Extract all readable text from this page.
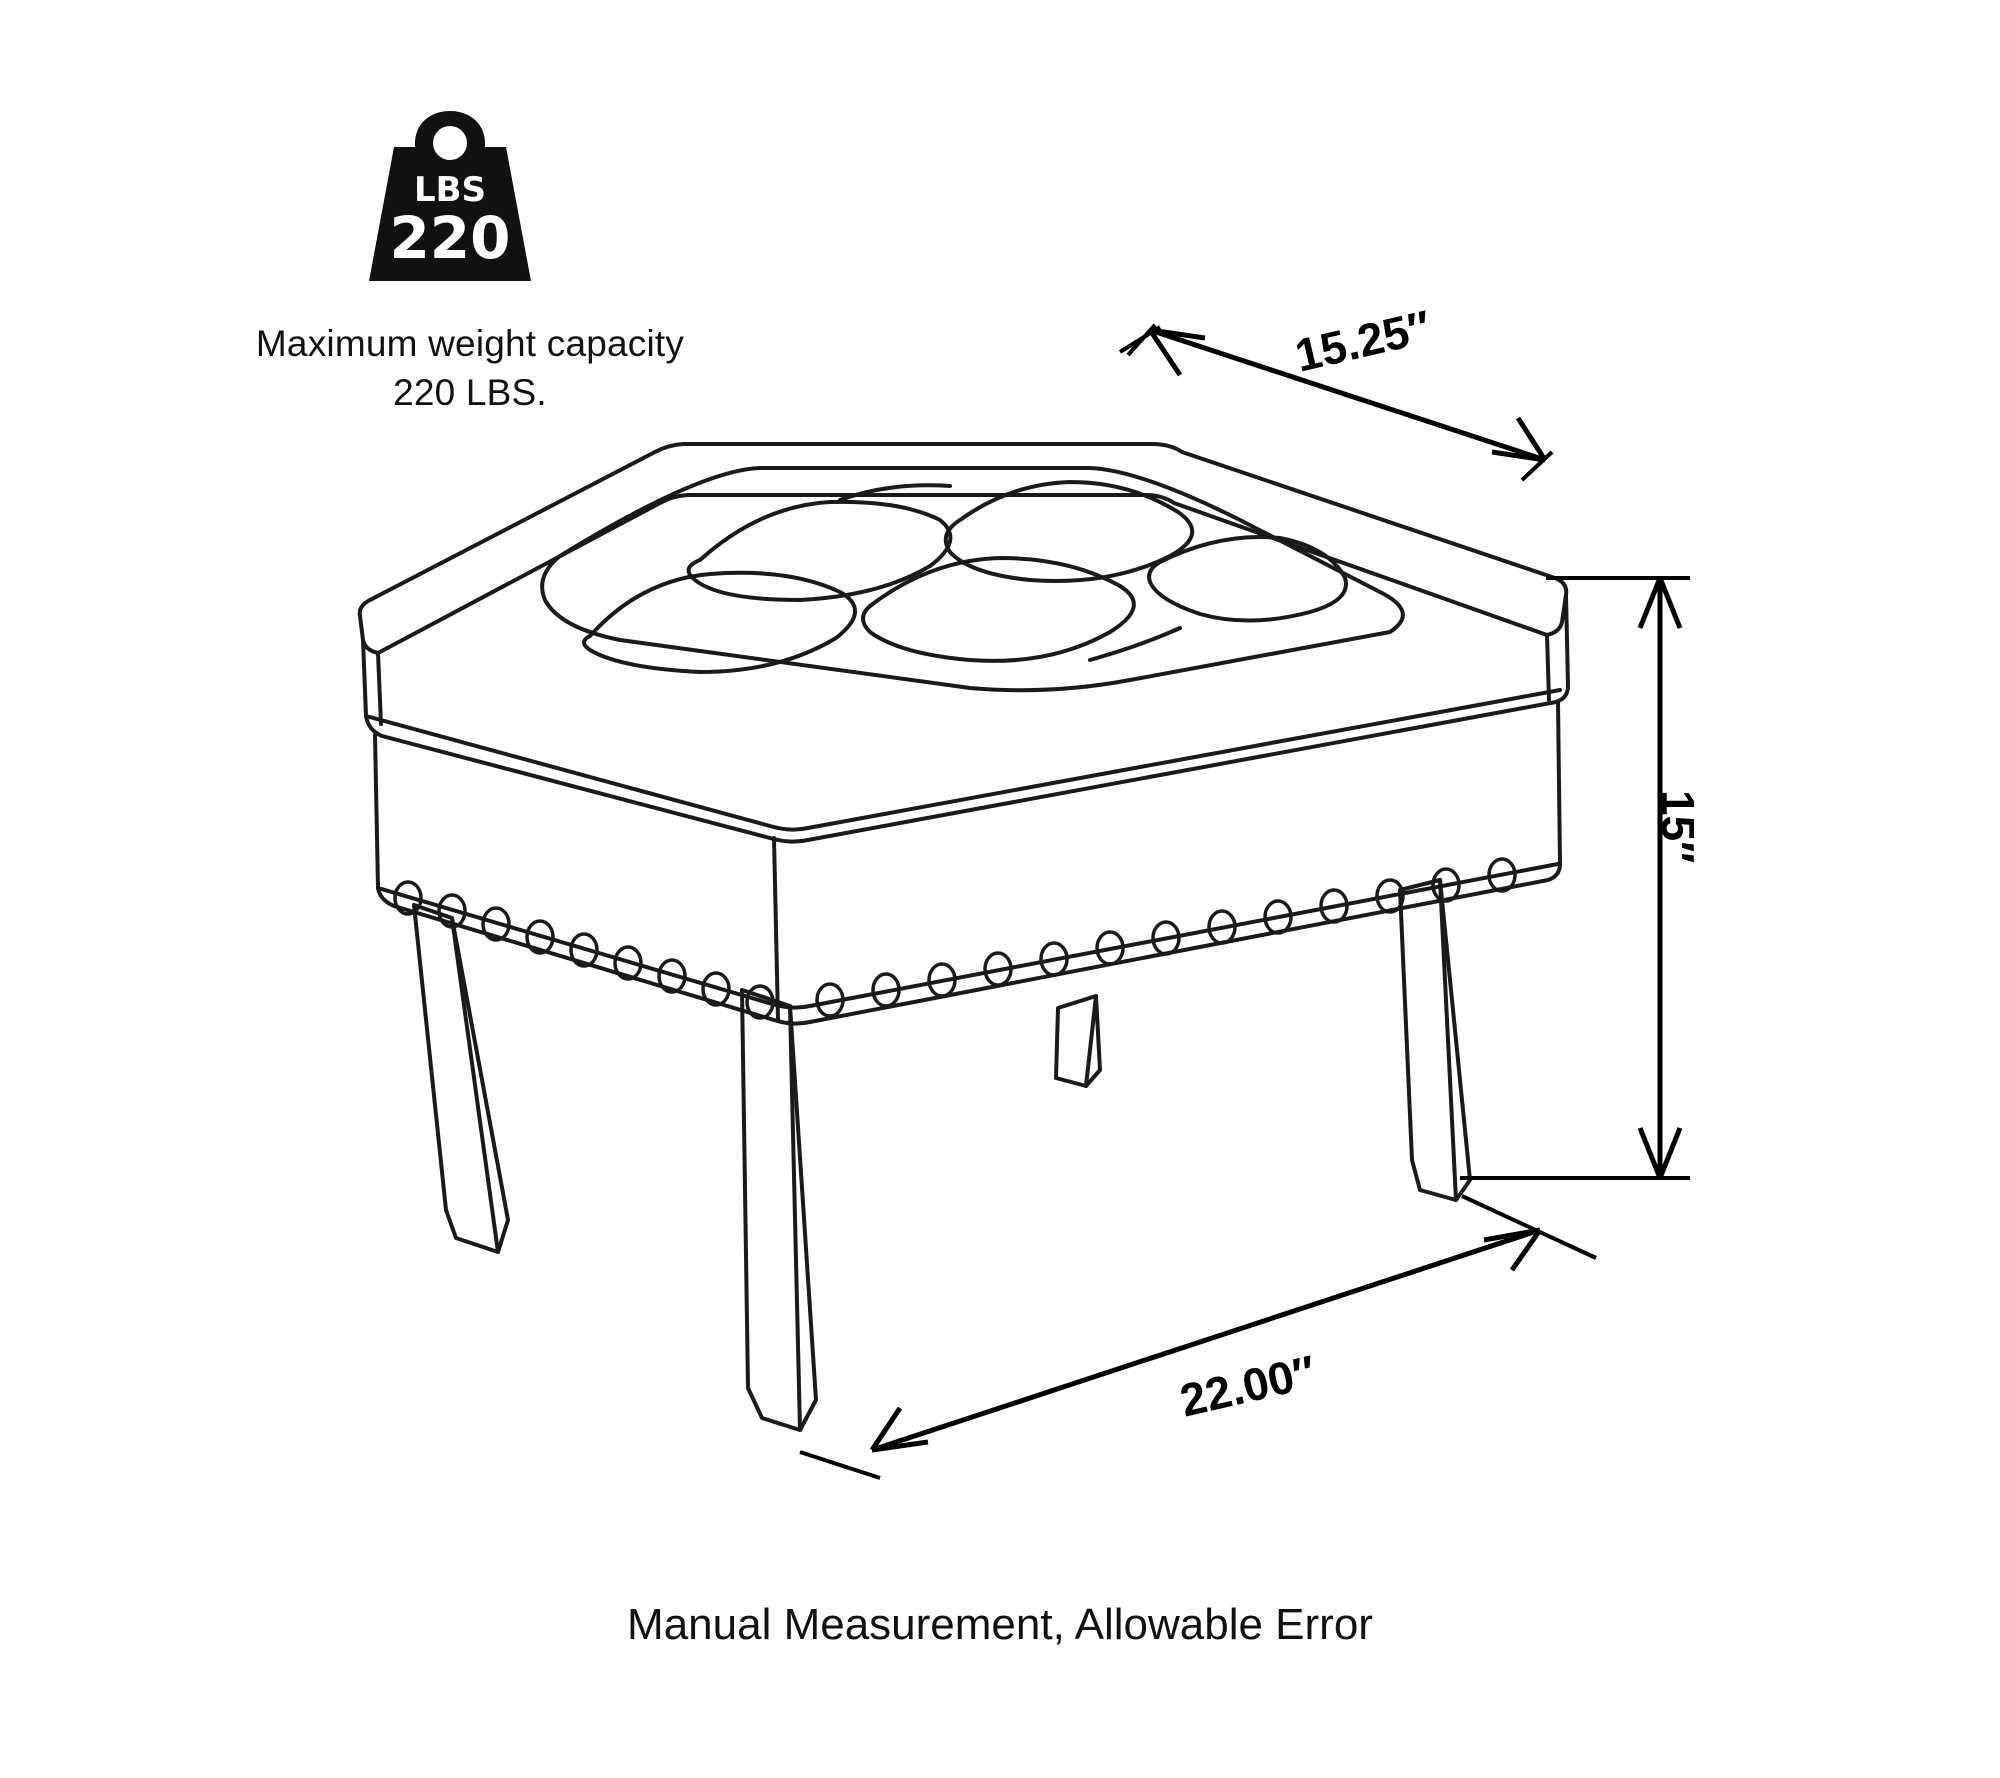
LBS
220
Maximum weight capacity 220 LBS.
15.25″
15″
22.00″
Manual Measurement, Allowable Error
